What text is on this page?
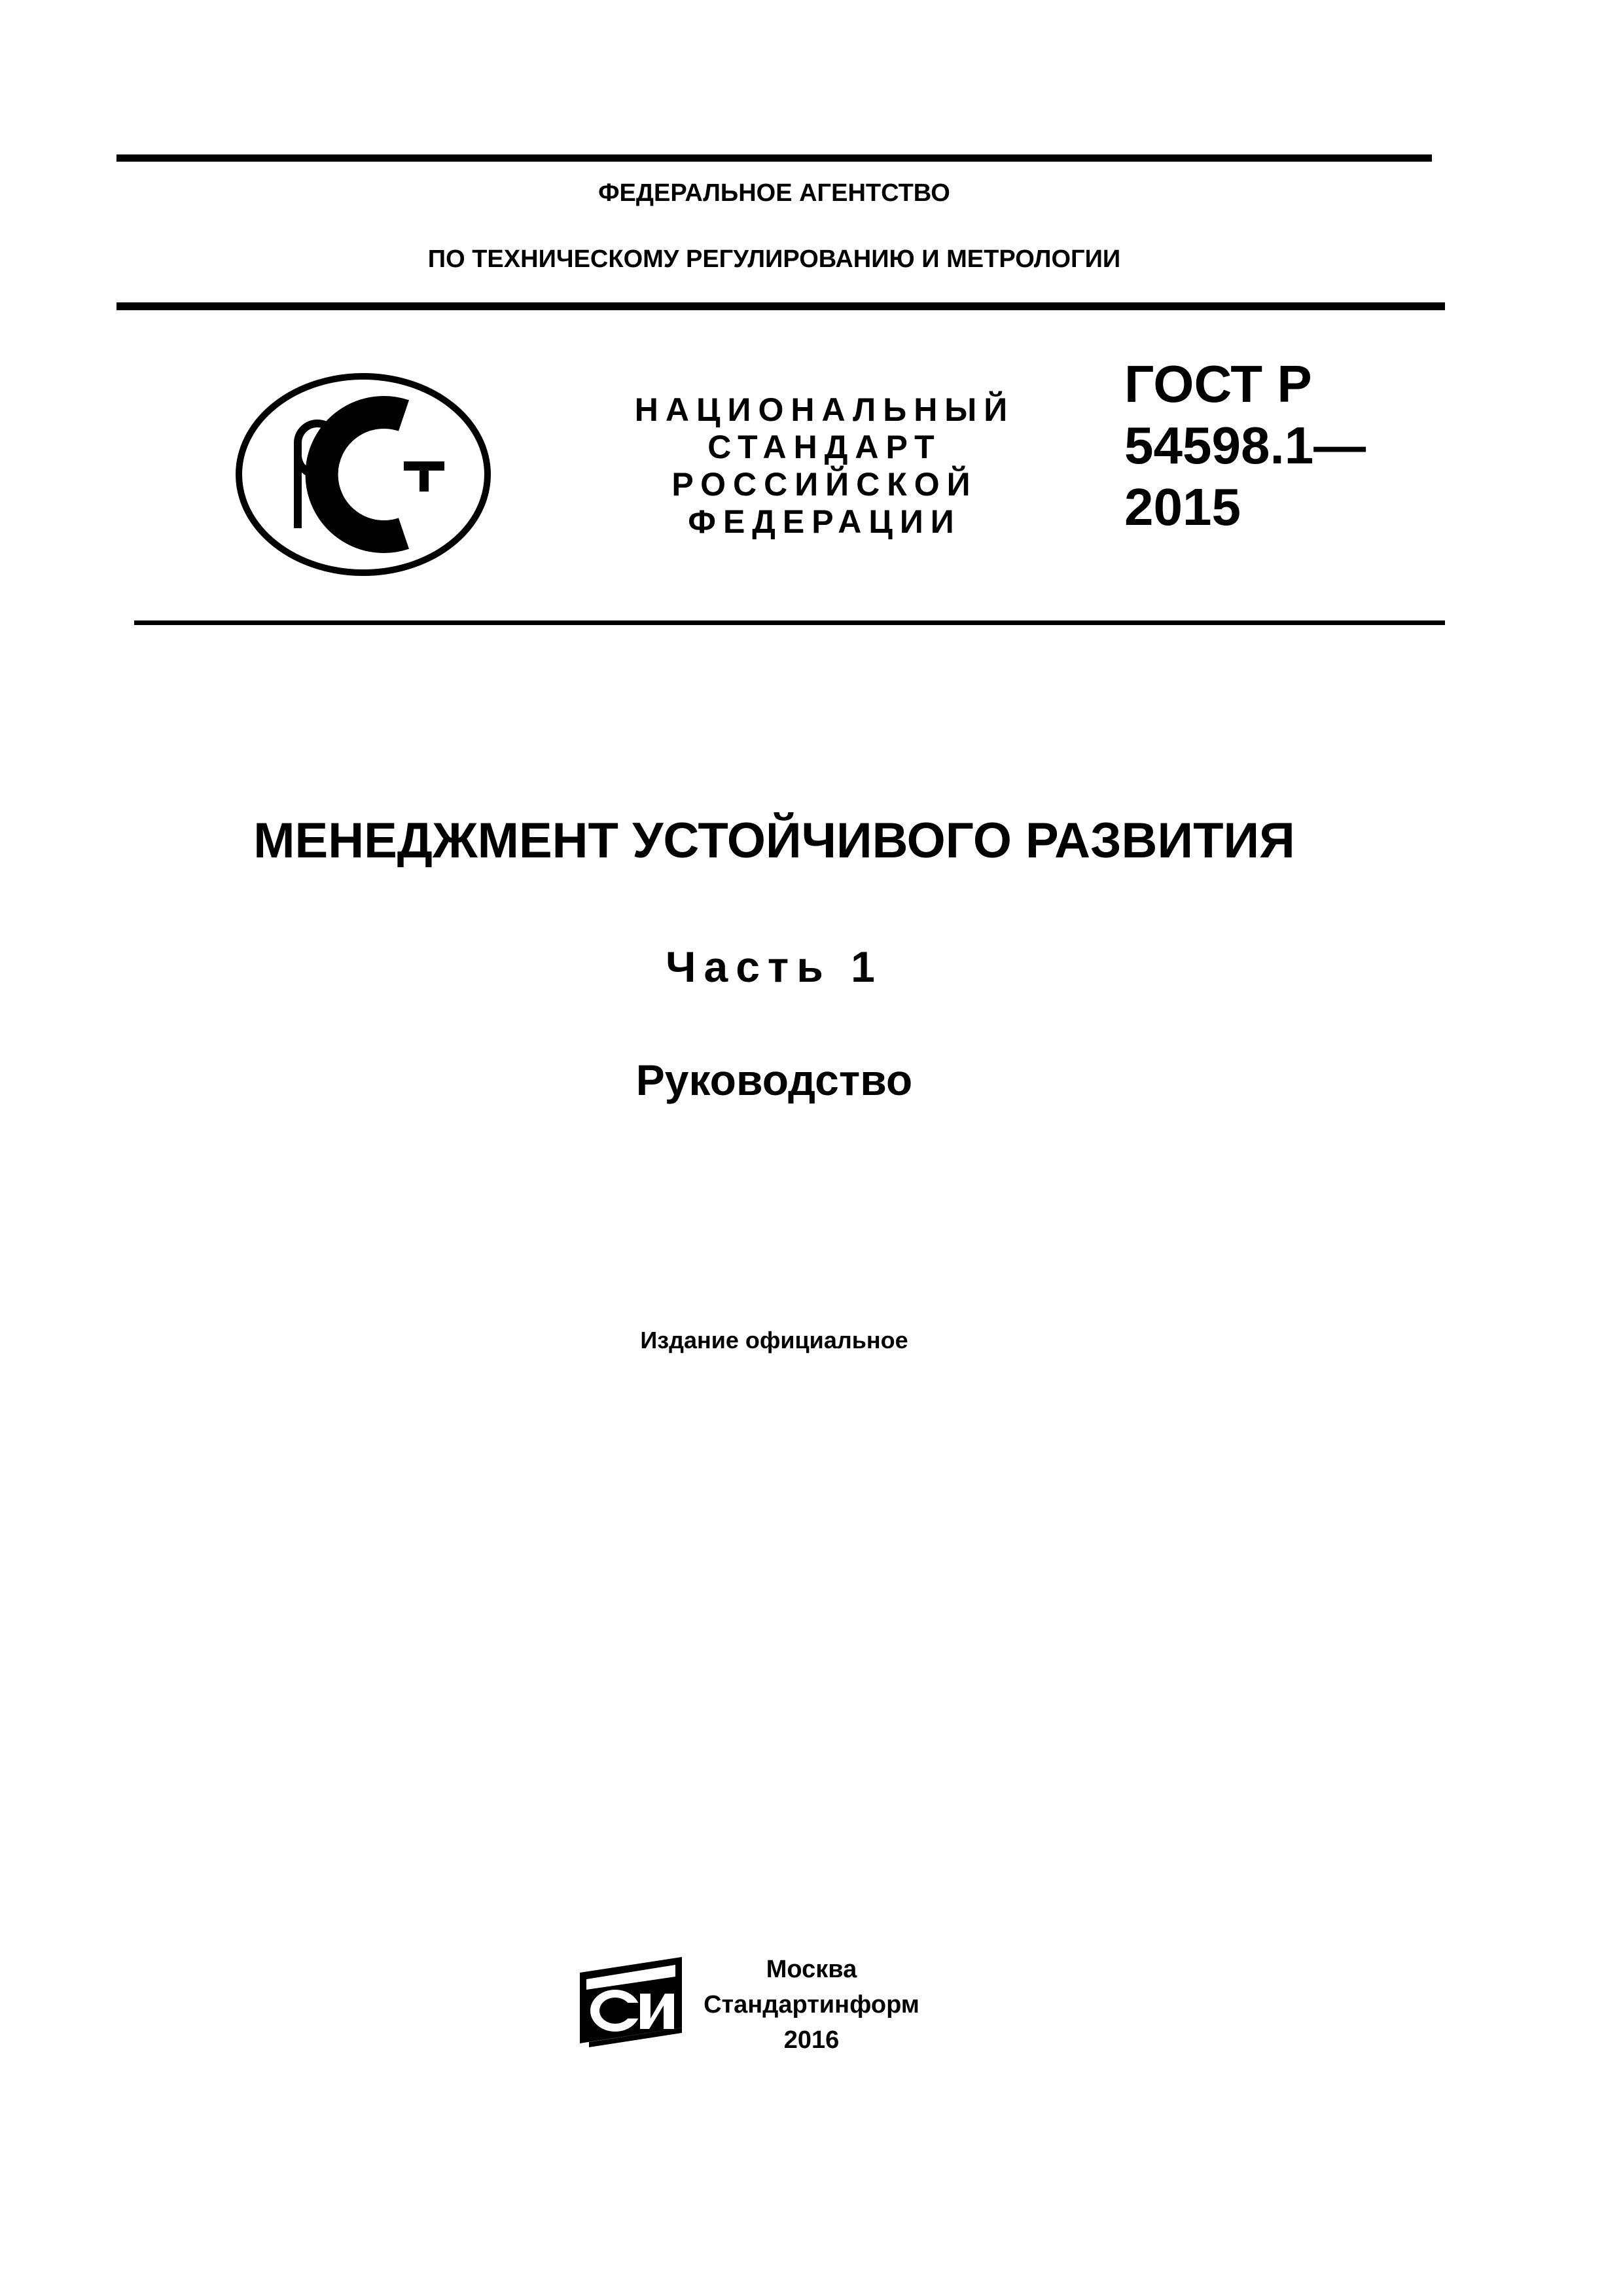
ФЕДЕРАЛЬНОЕ АГЕНТСТВО
ПО ТЕХНИЧЕСКОМУ РЕГУЛИРОВАНИЮ И МЕТРОЛОГИИ
НАЦИОНАЛЬНЫЙ
СТАНДАРТ
РОССИЙСКОЙ
ФЕДЕРАЦИИ
ГОСТ Р
54598.1—
2015
МЕНЕДЖМЕНТ УСТОЙЧИВОГО РАЗВИТИЯ
Часть 1
Руководство
Издание официальное
Москва
Стандартинформ
2016
